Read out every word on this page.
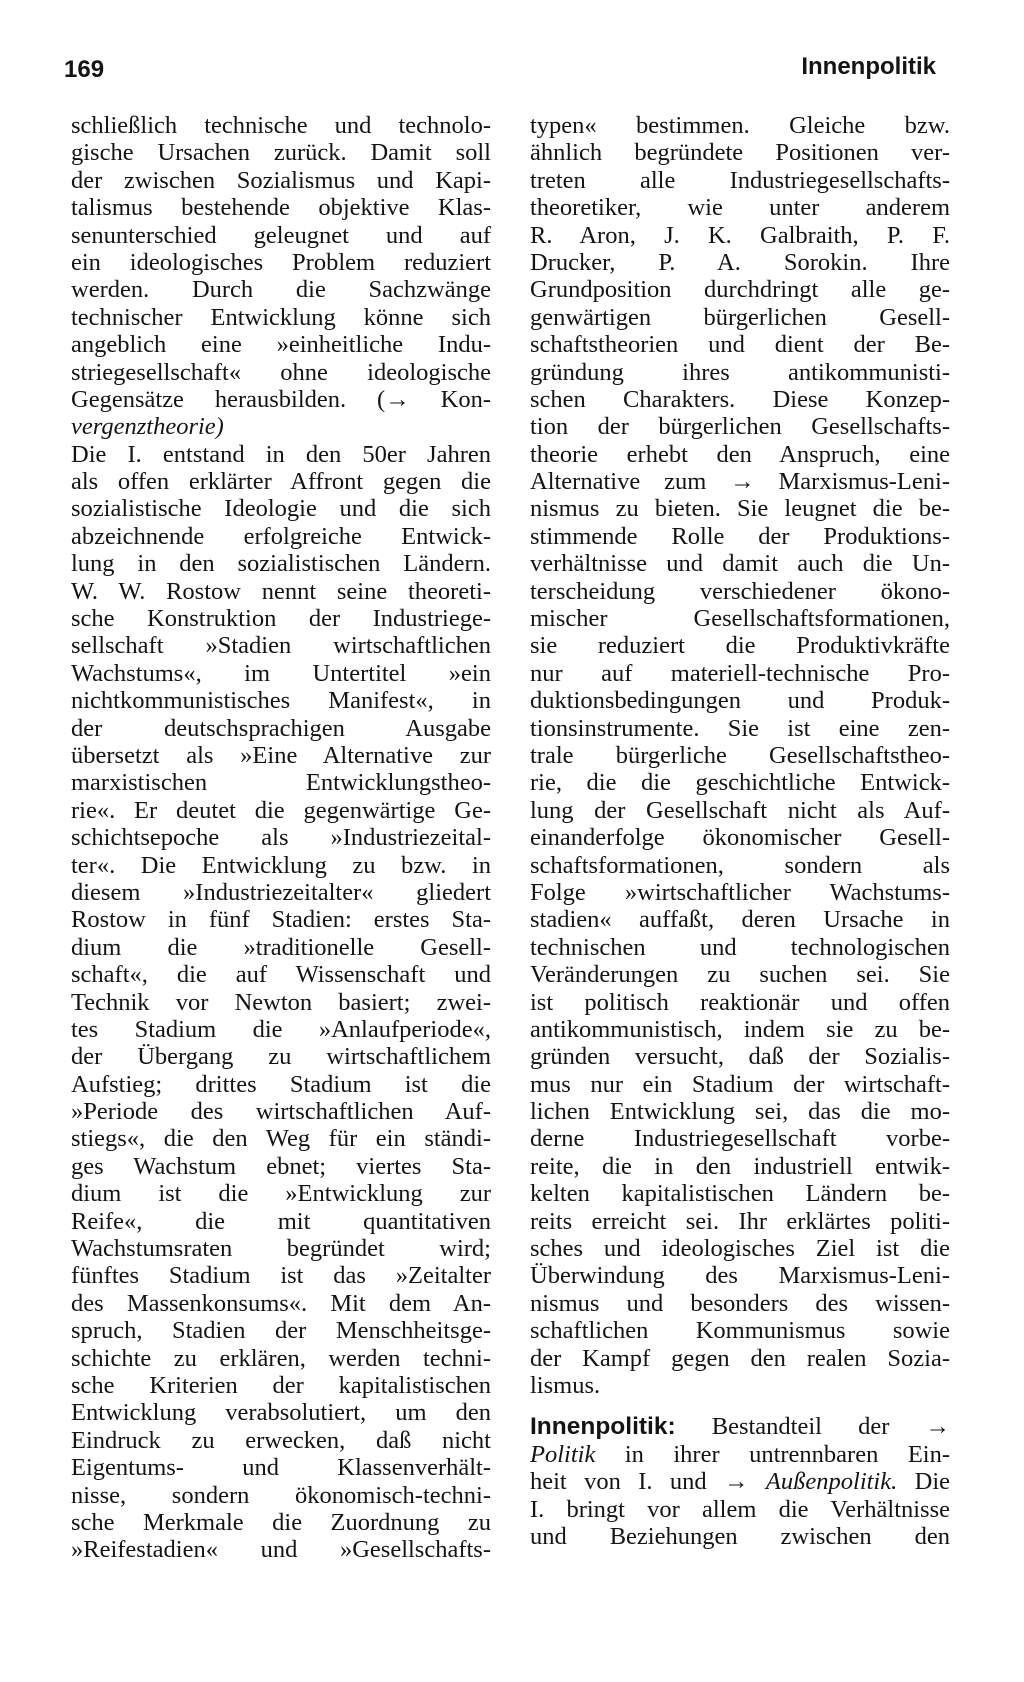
169	Innenpolitik
schließlich technische und technolo-
gische Ursachen zurück. Damit soll
der zwischen Sozialismus und Kapi-
talismus bestehende objektive Klas-
senunterschied geleugnet und auf
ein ideologisches Problem reduziert
werden. Durch die Sachzwänge
technischer Entwicklung könne sich
angeblich eine »einheitliche Indu-
striegesellschaft« ohne ideologische
Gegensätze herausbilden. (→ Kon-
vergenztheorie)
Die I. entstand in den 50er Jahren
als offen erklärter Affront gegen die
sozialistische Ideologie und die sich
abzeichnende erfolgreiche Entwick-
lung in den sozialistischen Ländern.
W. W. Rostow nennt seine theoreti-
sche Konstruktion der Industriege-
sellschaft »Stadien wirtschaftlichen
Wachstums«, im Untertitel »ein
nichtkommunistisches Manifest«, in
der deutschsprachigen Ausgabe
übersetzt als »Eine Alternative zur
marxistischen Entwicklungstheo-
rie«. Er deutet die gegenwärtige Ge-
schichtsepoche als »Industriezeital-
ter«. Die Entwicklung zu bzw. in
diesem »Industriezeitalter« gliedert
Rostow in fünf Stadien: erstes Sta-
dium die »traditionelle Gesell-
schaft«, die auf Wissenschaft und
Technik vor Newton basiert; zwei-
tes Stadium die »Anlaufperiode«,
der Übergang zu wirtschaftlichem
Aufstieg; drittes Stadium ist die
»Periode des wirtschaftlichen Auf-
stiegs«, die den Weg für ein ständi-
ges Wachstum ebnet; viertes Sta-
dium ist die »Entwicklung zur
Reife«, die mit quantitativen
Wachstumsraten begründet wird;
fünftes Stadium ist das »Zeitalter
des Massenkonsums«. Mit dem An-
spruch, Stadien der Menschheitsge-
schichte zu erklären, werden techni-
sche Kriterien der kapitalistischen
Entwicklung verabsolutiert, um den
Eindruck zu erwecken, daß nicht
Eigentums- und Klassenverhält-
nisse, sondern ökonomisch-techni-
sche Merkmale die Zuordnung zu
»Reifestadien« und »Gesellschafts-
typen« bestimmen. Gleiche bzw.
ähnlich begründete Positionen ver-
treten alle Industriegesellschafts-
theoretiker, wie unter anderem
R. Aron, J. K. Galbraith, P. F.
Drucker, P. A. Sorokin. Ihre
Grundposition durchdringt alle ge-
genwärtigen bürgerlichen Gesell-
schaftstheorien und dient der Be-
gründung ihres antikommunisti-
schen Charakters. Diese Konzep-
tion der bürgerlichen Gesellschafts-
theorie erhebt den Anspruch, eine
Alternative zum → Marxismus-Leni-
nismus zu bieten. Sie leugnet die be-
stimmende Rolle der Produktions-
verhältnisse und damit auch die Un-
terscheidung verschiedener ökono-
mischer Gesellschaftsformationen,
sie reduziert die Produktivkräfte
nur auf materiell-technische Pro-
duktionsbedingungen und Produk-
tionsinstrumente. Sie ist eine zen-
trale bürgerliche Gesellschaftstheo-
rie, die die geschichtliche Entwick-
lung der Gesellschaft nicht als Auf-
einanderfolge ökonomischer Gesell-
schaftsformationen, sondern als
Folge »wirtschaftlicher Wachstums-
stadien« auffaßt, deren Ursache in
technischen und technologischen
Veränderungen zu suchen sei. Sie
ist politisch reaktionär und offen
antikommunistisch, indem sie zu be-
gründen versucht, daß der Sozialis-
mus nur ein Stadium der wirtschaft-
lichen Entwicklung sei, das die mo-
derne Industriegesellschaft vorbe-
reite, die in den industriell entwik-
kelten kapitalistischen Ländern be-
reits erreicht sei. Ihr erklärtes politi-
sches und ideologisches Ziel ist die
Überwindung des Marxismus-Leni-
nismus und besonders des wissen-
schaftlichen Kommunismus sowie
der Kampf gegen den realen Sozia-
lismus.
Innenpolitik: Bestandteil der →
Politik in ihrer untrennbaren Ein-
heit von I. und → Außenpolitik. Die
I. bringt vor allem die Verhältnisse
und Beziehungen zwischen den
